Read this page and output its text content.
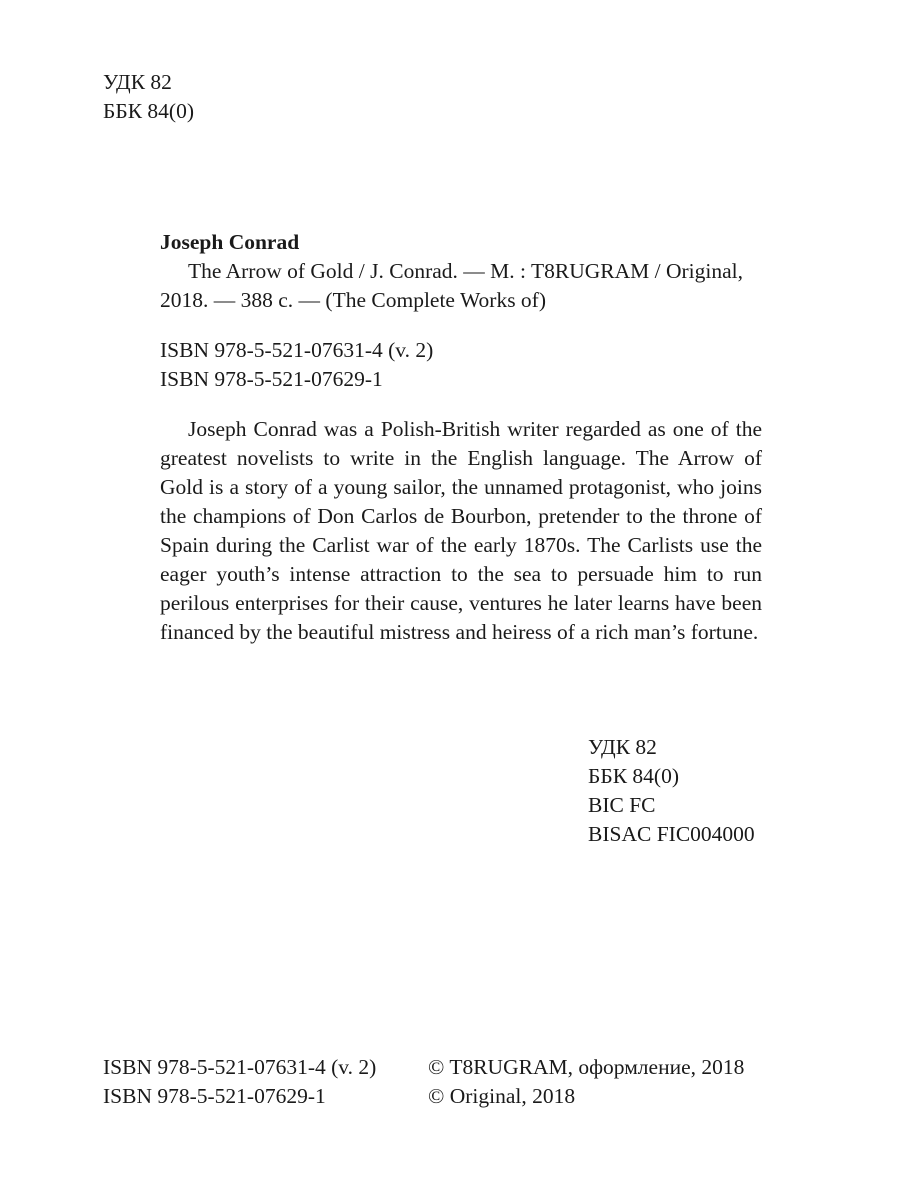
УДК 82
ББК 84(0)
Joseph Conrad
The Arrow of Gold / J. Conrad. — M. : T8RUGRAM / Original,
2018. — 388 c. — (The Complete Works of)
ISBN 978-5-521-07631-4 (v. 2)
ISBN 978-5-521-07629-1

Joseph Conrad was a Polish-British writer regarded as one of the greatest novelists to write in the English language. The Arrow of Gold is a story of a young sailor, the unnamed protagonist, who joins the champions of Don Carlos de Bourbon, pretender to the throne of Spain during the Carlist war of the early 1870s. The Carlists use the eager youth’s intense attraction to the sea to persuade him to run perilous enterprises for their cause, ventures he later learns have been financed by the beautiful mistress and heiress of a rich man’s fortune.

УДК 82
ББК 84(0)
BIC FC
BISAC FIC004000
ISBN 978-5-521-07631-4 (v. 2)
ISBN 978-5-521-07629-1
© T8RUGRAM, оформление, 2018
© Original, 2018
